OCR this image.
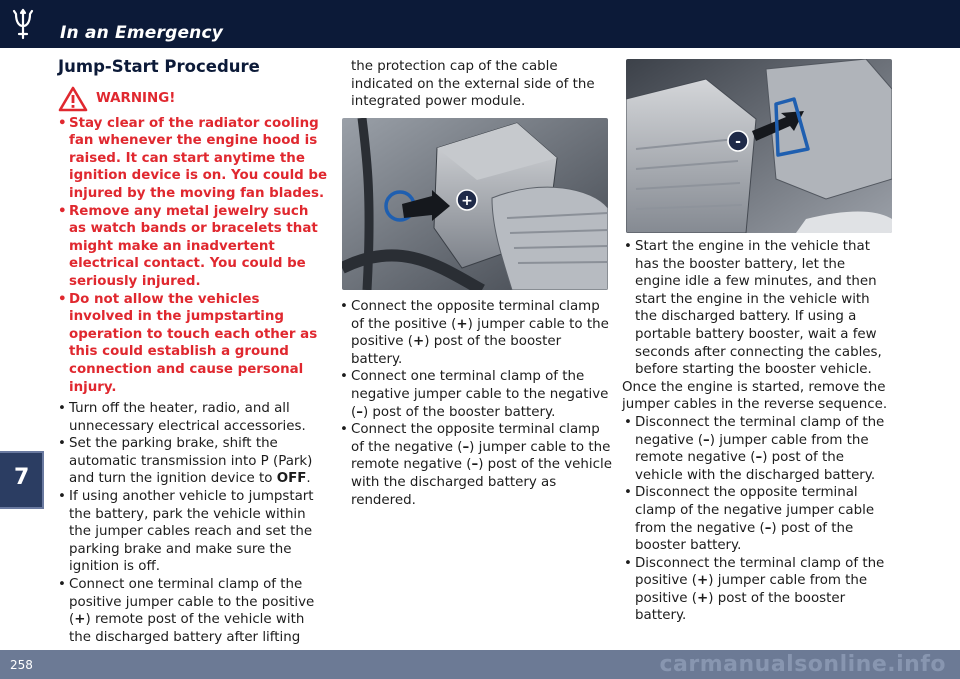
In an Emergency
7
Jump-Start Procedure
WARNING!
• Stay clear of the radiator cooling fan whenever the engine hood is raised. It can start anytime the ignition device is on. You could be injured by the moving fan blades.
• Remove any metal jewelry such as watch bands or bracelets that might make an inadvertent electrical contact. You could be seriously injured.
• Do not allow the vehicles involved in the jumpstarting operation to touch each other as this could establish a ground connection and cause personal injury.
• Turn off the heater, radio, and all unnecessary electrical accessories.
• Set the parking brake, shift the automatic transmission into P (Park) and turn the ignition device to OFF.
• If using another vehicle to jumpstart the battery, park the vehicle within the jumper cables reach and set the parking brake and make sure the ignition is off.
• Connect one terminal clamp of the positive jumper cable to the positive (+) remote post of the vehicle with the discharged battery after lifting

the protection cap of the cable indicated on the external side of the integrated power module.

+
• Connect the opposite terminal clamp of the positive (+) jumper cable to the positive (+) post of the booster battery.
• Connect one terminal clamp of the negative jumper cable to the negative (–) post of the booster battery.
• Connect the opposite terminal clamp of the negative (–) jumper cable to the remote negative (–) post of the vehicle with the discharged battery as rendered.
-
• Start the engine in the vehicle that has the booster battery, let the engine idle a few minutes, and then start the engine in the vehicle with the discharged battery. If using a portable battery booster, wait a few seconds after connecting the cables, before starting the booster vehicle.

Once the engine is started, remove the jumper cables in the reverse sequence.

• Disconnect the terminal clamp of the negative (–) jumper cable from the remote negative (–) post of the vehicle with the discharged battery.
• Disconnect the opposite terminal clamp of the negative jumper cable from the negative (–) post of the booster battery.
• Disconnect the terminal clamp of the positive (+) jumper cable from the positive (+) post of the booster battery.
258	carmanualsonline.info
